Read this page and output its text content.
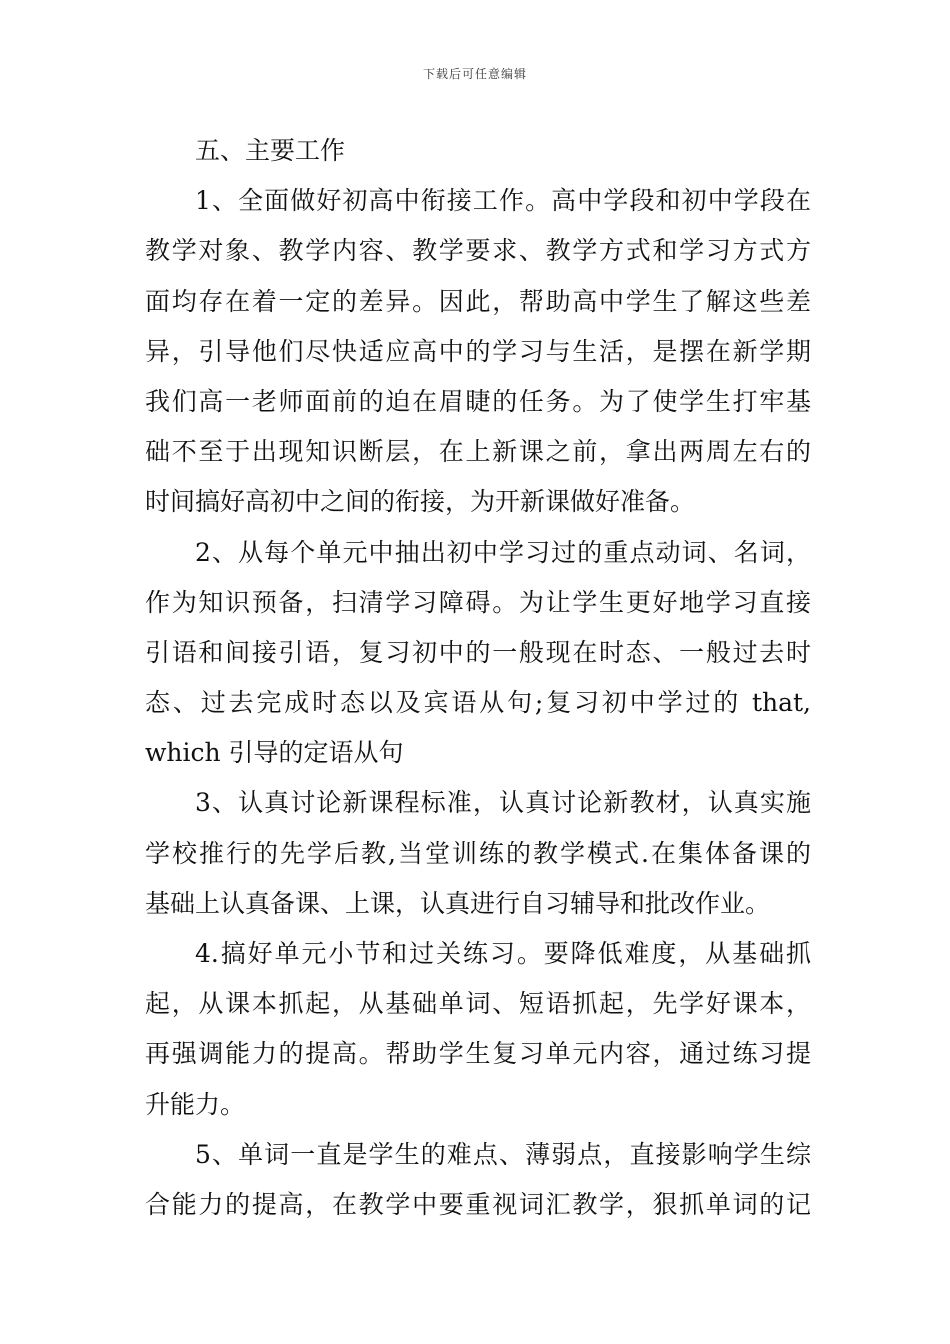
下载后可任意编辑
五、主要工作
1、全面做好初高中衔接工作。高中学段和初中学段在
教学对象、教学内容、教学要求、教学方式和学习方式方
面均存在着一定的差异。因此，帮助高中学生了解这些差
异，引导他们尽快适应高中的学习与生活，是摆在新学期
我们高一老师面前的迫在眉睫的任务。为了使学生打牢基
础不至于出现知识断层，在上新课之前，拿出两周左右的
时间搞好高初中之间的衔接，为开新课做好准备。
2、从每个单元中抽出初中学习过的重点动词、名词，
作为知识预备，扫清学习障碍。为让学生更好地学习直接
引语和间接引语，复习初中的一般现在时态、一般过去时
态、过去完成时态以及宾语从句;复习初中学过的 that,
which 引导的定语从句
3、认真讨论新课程标准，认真讨论新教材，认真实施
学校推行的先学后教,当堂训练的教学模式.在集体备课的
基础上认真备课、上课，认真进行自习辅导和批改作业。
4.搞好单元小节和过关练习。要降低难度，从基础抓
起，从课本抓起，从基础单词、短语抓起，先学好课本，
再强调能力的提高。帮助学生复习单元内容，通过练习提
升能力。
5、单词一直是学生的难点、薄弱点，直接影响学生综
合能力的提高，在教学中要重视词汇教学，狠抓单词的记
